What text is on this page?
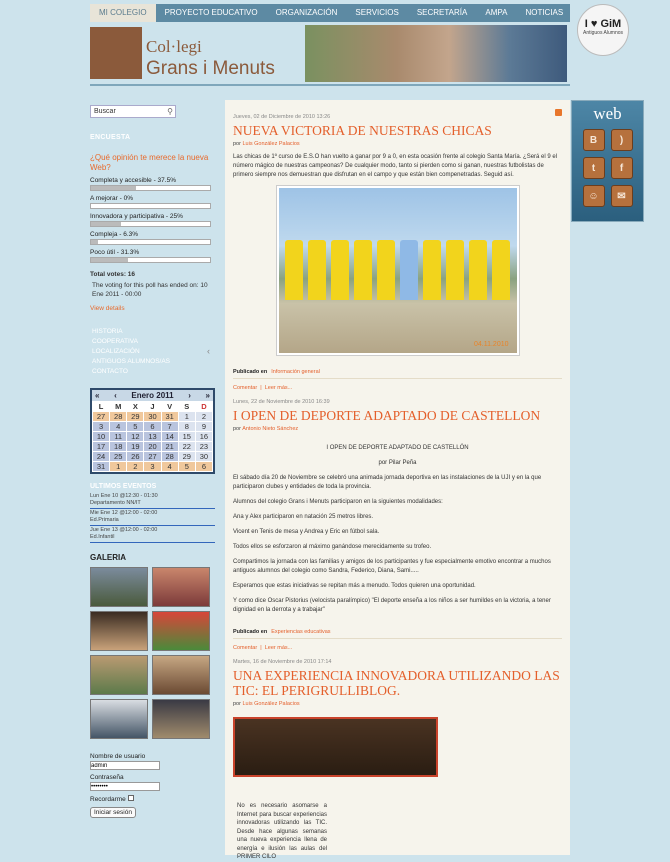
MI COLEGIO	PROYECTO EDUCATIVO	ORGANIZACIÓN	SERVICIOS	SECRETARÍA	AMPA	NOTICIAS
Col·legi
Grans i Menuts
I ♥ GiM
Antiguos Alumnos
Buscar	⚲
ENCUESTA
¿Qué opinión te merece la nueva Web?
Completa y accesible - 37.5%
A mejorar - 0%
Innovadora y participativa - 25%
Compleja - 6.3%
Poco útil - 31.3%
Total votes: 16
The voting for this poll has ended on: 10 Ene 2011 - 00:00
View details
‹
HISTORIA
COOPERATIVA
LOCALIZACIÓN
ANTIGUOS ALUMNOS/AS
CONTACTO
« ‹ Enero 2011 › »
L	M	X	J	V	S	D
27	28	29	30	31	1	2
3	4	5	6	7	8	9
10	11	12	13	14	15	16
17	18	19	20	21	22	23
24	25	26	27	28	29	30
31	1	2	3	4	5	6
ULTIMOS EVENTOS
Lun Ene 10 @12:30 - 01:30
Departamento NN/IT
Mie Ene 12 @12:00 - 02:00
Ed.Primaria
Jue Ene 13 @12:00 - 02:00
Ed.Infantil
GALERIA
Nombre de usuario
admin
Contraseña
Recordarme
Iniciar sesión
Jueves, 02 de Diciembre de 2010 13:26
NUEVA VICTORIA DE NUESTRAS CHICAS
por Luis González Palacios
Las chicas de 1º curso de E.S.O han vuelto a ganar por 9 a 0, en esta ocasión frente al colegio Santa María. ¿Será el 9 el número mágico de nuestras campeonas? De cualquier modo, tanto si pierden como si ganan, nuestras futbolistas de primero siempre nos demuestran que disfrutan en el campo y que están bien compenetradas. Seguid así.

04.11.2010
Publicado en Información general
Comentar  |  Leer más...
Lunes, 22 de Noviembre de 2010 16:39
I OPEN DE DEPORTE ADAPTADO DE CASTELLON
por Antonio Nieto Sánchez
I OPEN DE DEPORTE ADAPTADO DE CASTELLÓN
por Pilar Peña
El sábado día 20 de Noviembre se celebró una animada jornada deportiva en las instalaciones de la UJI y en la que participaron clubes y entidades de toda la provincia.
Alumnos del colegio Grans i Menuts participaron en la siguientes modalidades:
Ana y Alex participaron en natación 25 metros libres.
Vicent en Tenis de mesa y Andrea y Eric en fútbol sala.
Todos ellos se esforzaron al máximo ganándose merecidamente su trofeo.
Compartimos la jornada con las familias y amigos de los participantes y fue especialmente emotivo encontrar a muchos antiguos alumnos del colegio como Sandra, Federico, Diana, Sami.....
Esperamos que estas iniciativas se repitan más a menudo. Todos quieren una oportunidad.
Y como dice Oscar Pistorius (velocista paralímpico) "El deporte enseña a los niños a ser humildes en la victoria, a tener dignidad en la derrota y a trabajar"
Publicado en Experiencias educativas
Comentar  |  Leer más...
Martes, 16 de Noviembre de 2010 17:14
UNA EXPERIENCIA INNOVADORA UTILIZANDO LAS TIC: EL PERIGRULLIBLOG.
por Luis González Palacios
No es necesario asomarse a Internet para buscar experiencias innovadoras utilizando las TIC. Desde hace algunas semanas una nueva experiencia llena de energía e ilusión las aulas del PRIMER CILO
web
B	)
t	f
☺	✉
